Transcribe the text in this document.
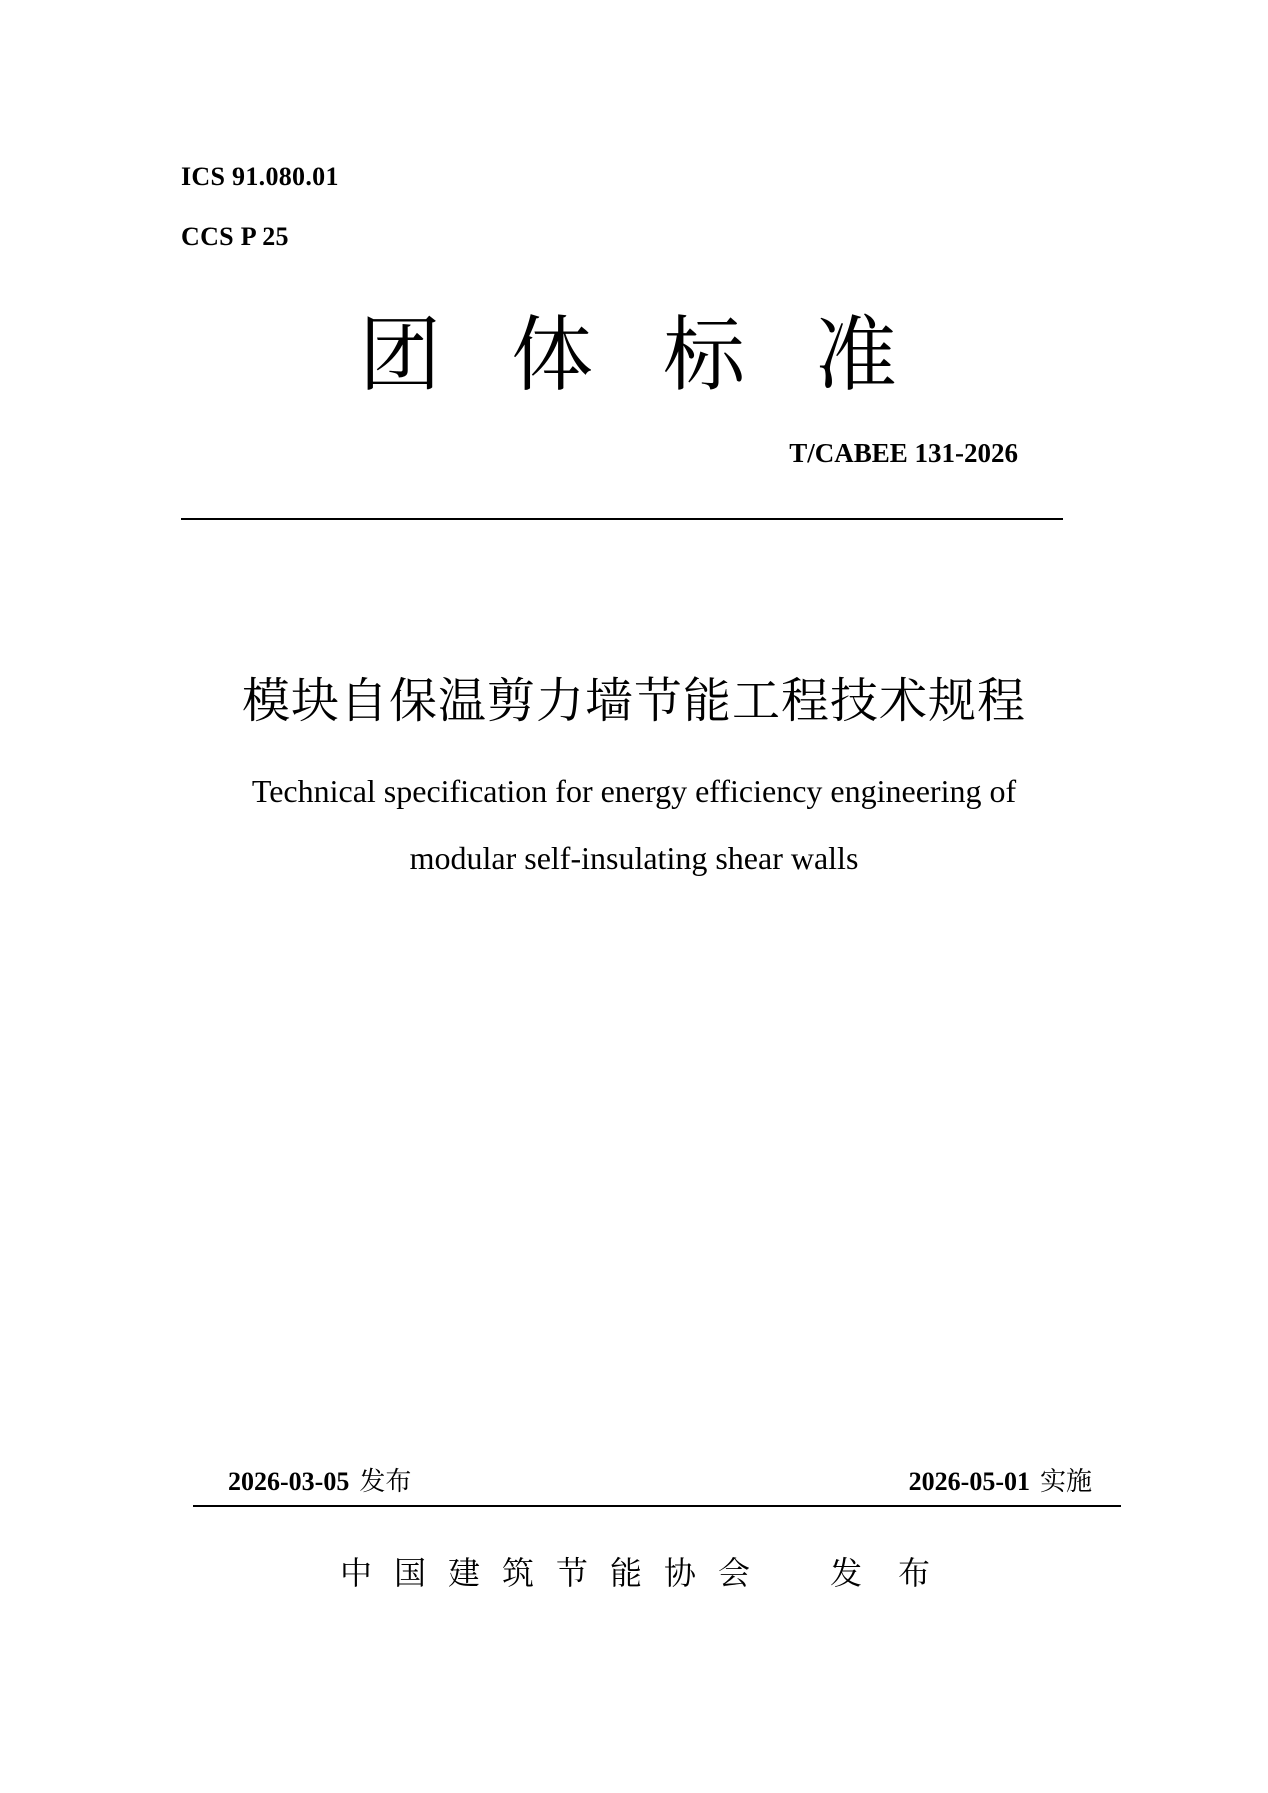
ICS 91.080.01
CCS P 25
团体标准
T/CABEE 131-2026
模块自保温剪力墙节能工程技术规程
Technical specification for energy efficiency engineering of
modular self-insulating shear walls
2026-03-05 发布	2026-05-01 实施
中国建筑节能协会 发布
